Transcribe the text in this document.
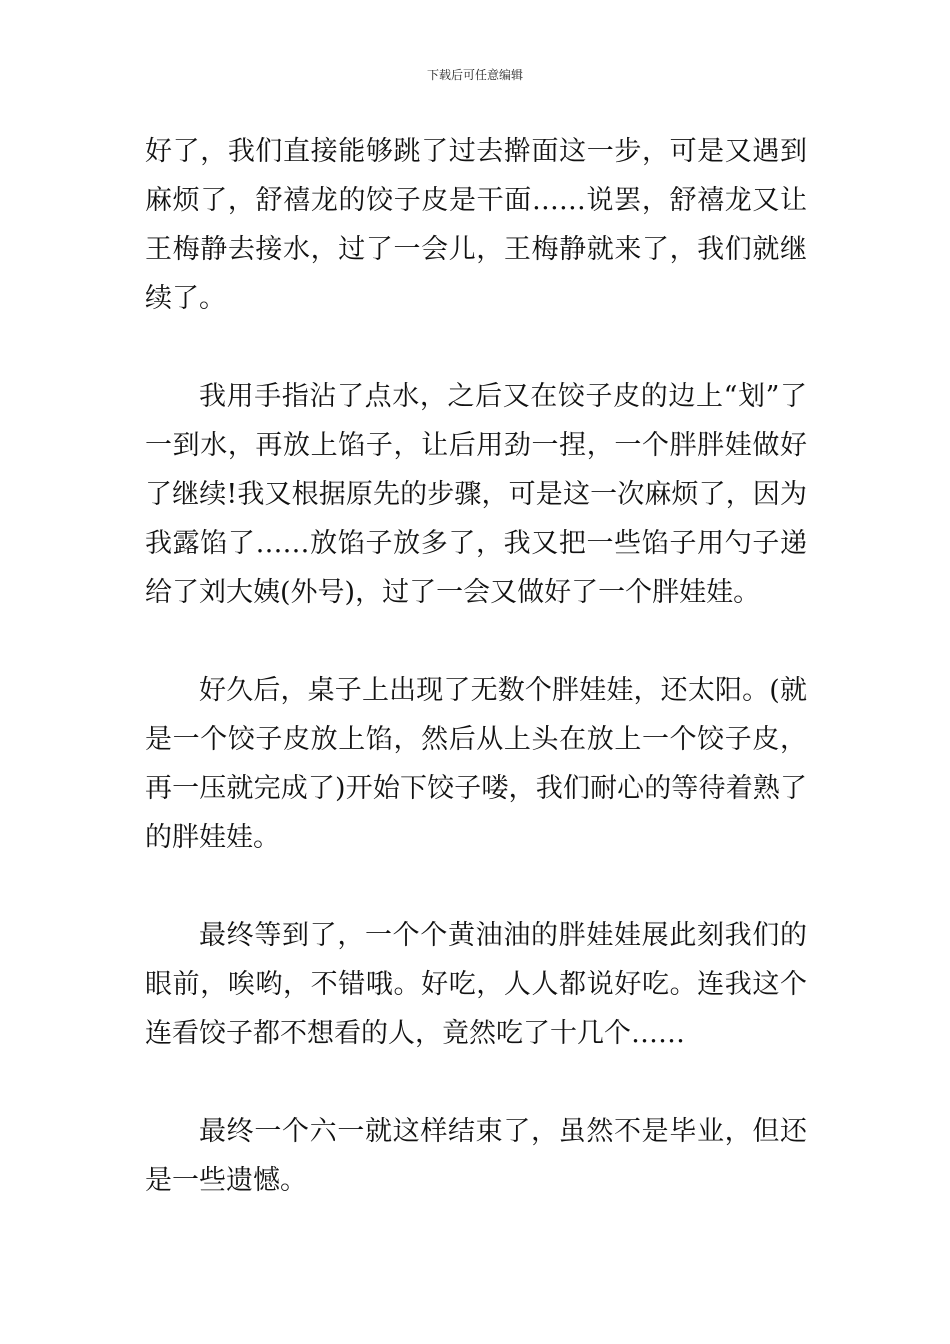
下载后可任意编辑

好了，我们直接能够跳了过去擀面这一步，可是又遇到麻烦了，舒禧龙的饺子皮是干面……说罢，舒禧龙又让王梅静去接水，过了一会儿，王梅静就来了，我们就继续了。

我用手指沾了点水，之后又在饺子皮的边上“划”了一到水，再放上馅子，让后用劲一捏，一个胖胖娃做好了继续!我又根据原先的步骤，可是这一次麻烦了，因为我露馅了……放馅子放多了，我又把一些馅子用勺子递给了刘大姨(外号)，过了一会又做好了一个胖娃娃。

好久后，桌子上出现了无数个胖娃娃，还太阳。(就是一个饺子皮放上馅，然后从上头在放上一个饺子皮，再一压就完成了)开始下饺子喽，我们耐心的等待着熟了的胖娃娃。

最终等到了，一个个黄油油的胖娃娃展此刻我们的眼前，唉哟，不错哦。好吃，人人都说好吃。连我这个连看饺子都不想看的人，竟然吃了十几个……

最终一个六一就这样结束了，虽然不是毕业，但还是一些遗憾。
